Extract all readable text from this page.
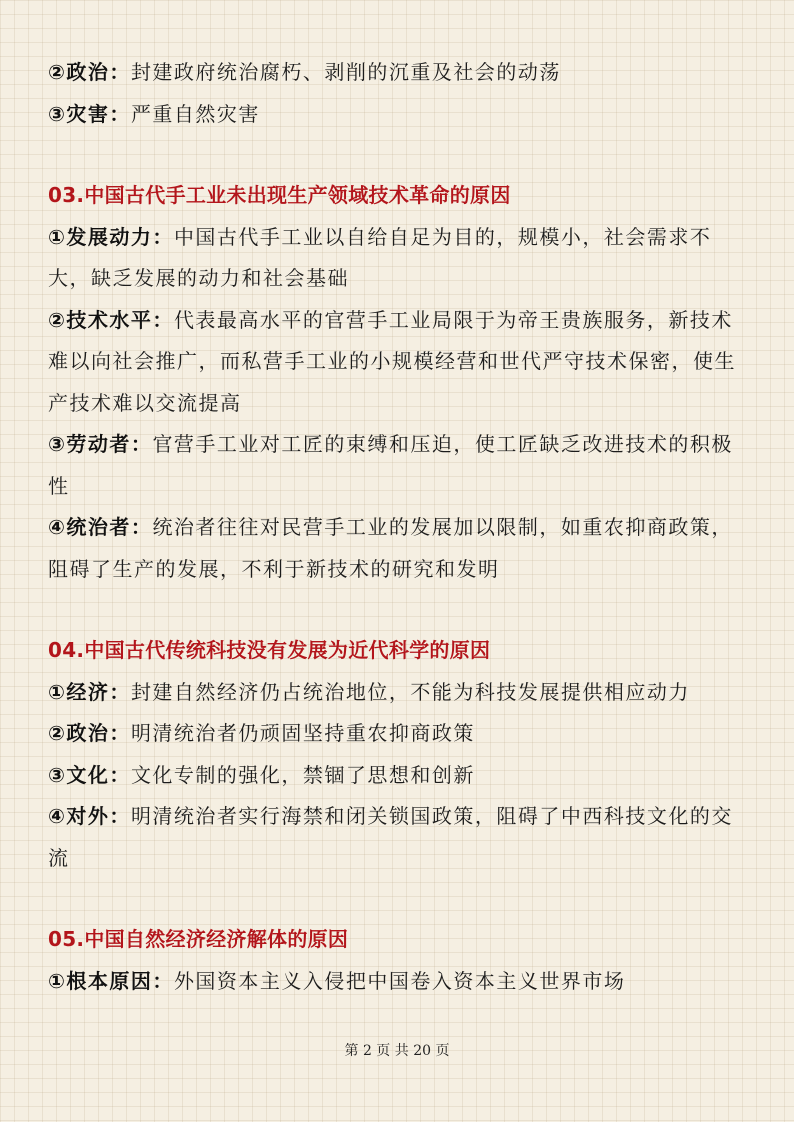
②政治：封建政府统治腐朽、剥削的沉重及社会的动荡

③灾害：严重自然灾害

03.中国古代手工业未出现生产领域技术革命的原因

①发展动力：中国古代手工业以自给自足为目的，规模小，社会需求不大，缺乏发展的动力和社会基础

②技术水平：代表最高水平的官营手工业局限于为帝王贵族服务，新技术难以向社会推广，而私营手工业的小规模经营和世代严守技术保密，使生产技术难以交流提高

③劳动者：官营手工业对工匠的束缚和压迫，使工匠缺乏改进技术的积极性

④统治者：统治者往往对民营手工业的发展加以限制，如重农抑商政策，阻碍了生产的发展，不利于新技术的研究和发明

04.中国古代传统科技没有发展为近代科学的原因

①经济：封建自然经济仍占统治地位，不能为科技发展提供相应动力

②政治：明清统治者仍顽固坚持重农抑商政策

③文化：文化专制的强化，禁锢了思想和创新

④对外：明清统治者实行海禁和闭关锁国政策，阻碍了中西科技文化的交流

05.中国自然经济经济解体的原因

①根本原因：外国资本主义入侵把中国卷入资本主义世界市场

第 2 页 共 20 页
